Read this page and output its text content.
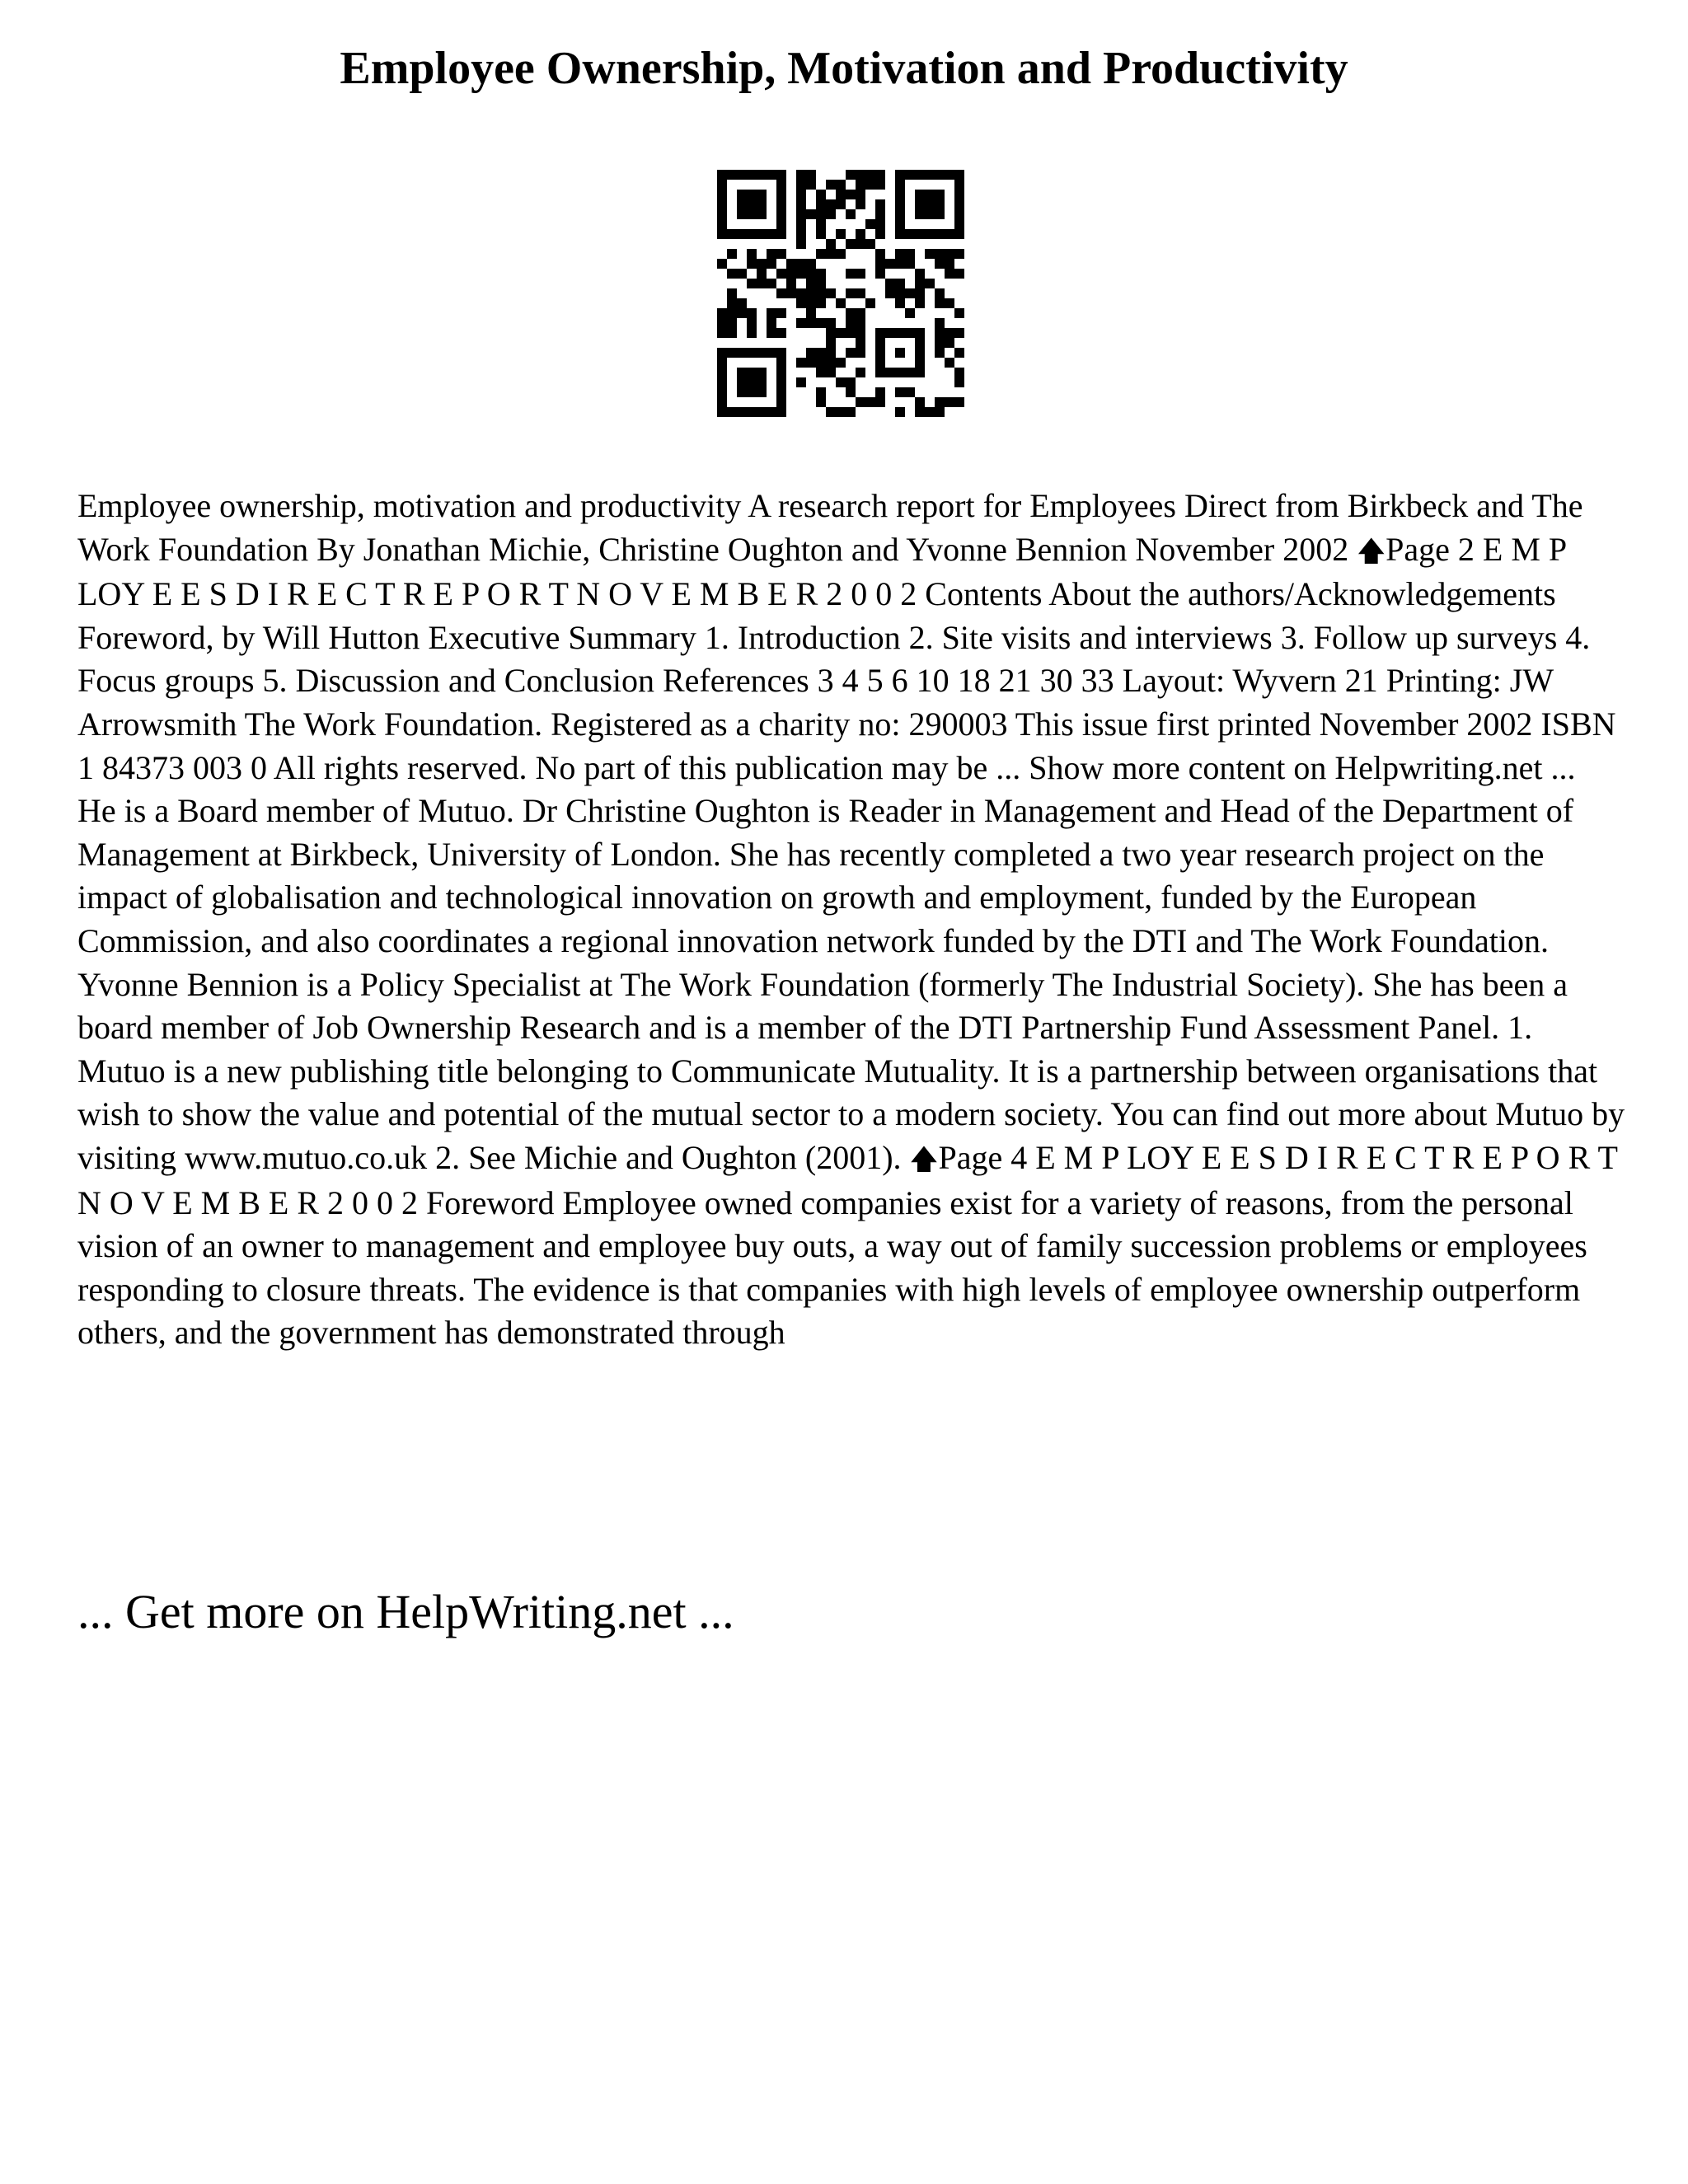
Employee Ownership, Motivation and Productivity

Employee ownership, motivation and productivity A research report for Employees Direct from Birkbeck and The Work Foundation By Jonathan Michie, Christine Oughton and Yvonne Bennion November 2002 🡅Page 2 E M P LOY E E S D I R E C T R E P O R T N O V E M B E R 2 0 0 2 Contents About the authors/Acknowledgements Foreword, by Will Hutton Executive Summary 1. Introduction 2. Site visits and interviews 3. Follow up surveys 4. Focus groups 5. Discussion and Conclusion References 3 4 5 6 10 18 21 30 33 Layout: Wyvern 21 Printing: JW Arrowsmith The Work Foundation. Registered as a charity no: 290003 This issue first printed November 2002 ISBN 1 84373 003 0 All rights reserved. No part of this publication may be ... Show more content on Helpwriting.net ...

He is a Board member of Mutuo. Dr Christine Oughton is Reader in Management and Head of the Department of Management at Birkbeck, University of London. She has recently completed a two year research project on the impact of globalisation and technological innovation on growth and employment, funded by the European Commission, and also coordinates a regional innovation network funded by the DTI and The Work Foundation. Yvonne Bennion is a Policy Specialist at The Work Foundation (formerly The Industrial Society). She has been a board member of Job Ownership Research and is a member of the DTI Partnership Fund Assessment Panel. 1. Mutuo is a new publishing title belonging to Communicate Mutuality. It is a partnership between organisations that wish to show the value and potential of the mutual sector to a modern society. You can find out more about Mutuo by visiting www.mutuo.co.uk 2. See Michie and Oughton (2001). 🡅Page 4 E M P LOY E E S D I R E C T R E P O R T N O V E M B E R 2 0 0 2 Foreword Employee owned companies exist for a variety of reasons, from the personal vision of an owner to management and employee buy outs, a way out of family succession problems or employees responding to closure threats. The evidence is that companies with high levels of employee ownership outperform others, and the government has demonstrated through

... Get more on HelpWriting.net ...
